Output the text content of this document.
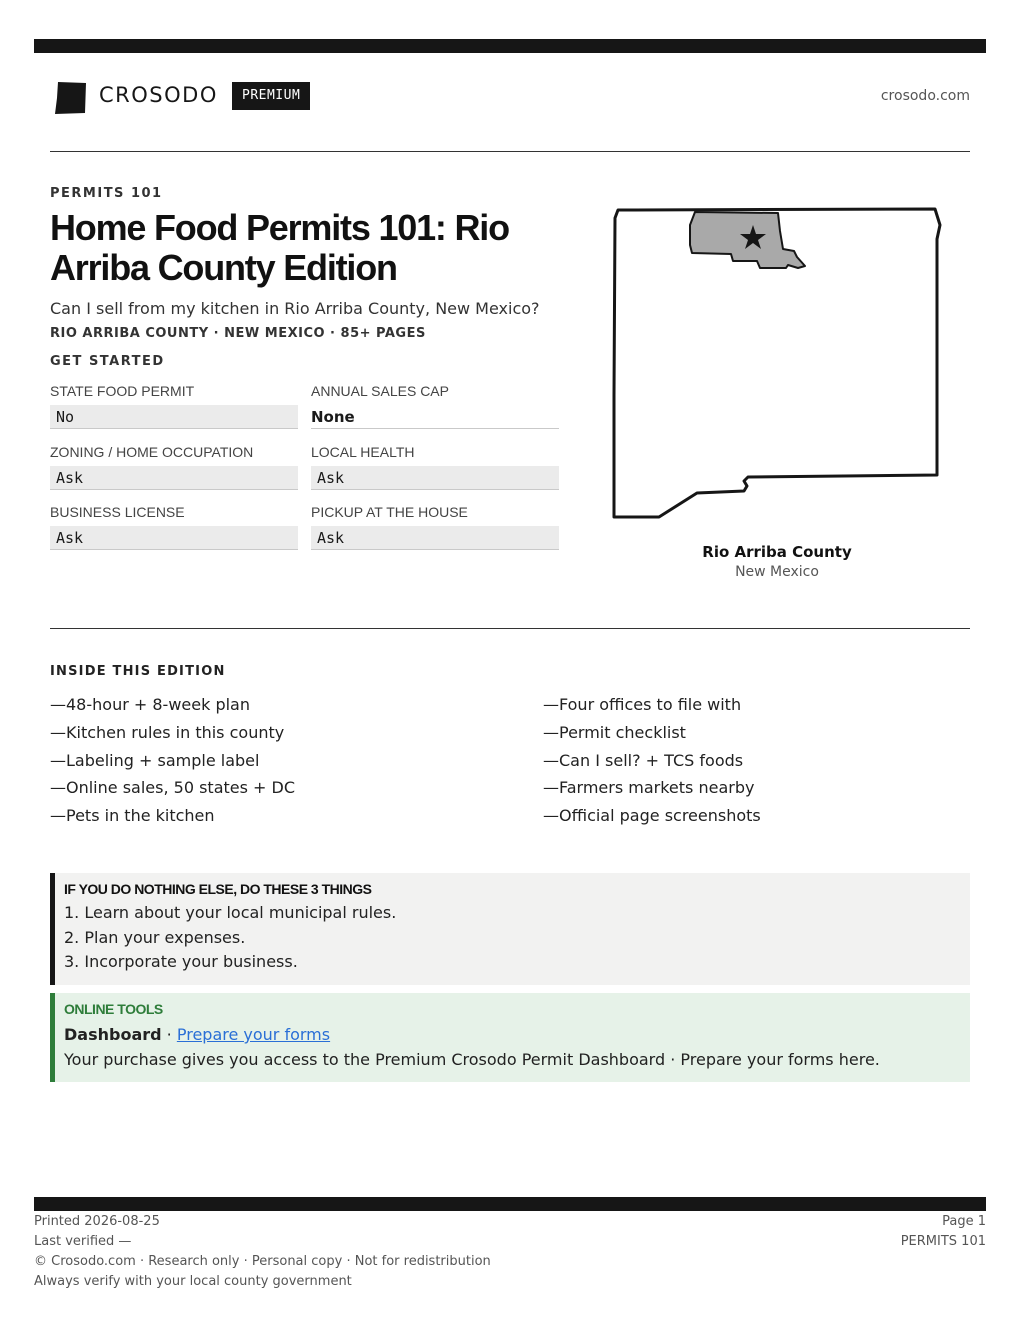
CROSODO	PREMIUM	crosodo.com
PERMITS 101
Home Food Permits 101: Rio Arriba County Edition
Can I sell from my kitchen in Rio Arriba County, New Mexico?
RIO ARRIBA COUNTY · NEW MEXICO · 85+ PAGES
GET STARTED
STATE FOOD PERMIT
No
ANNUAL SALES CAP
None
ZONING / HOME OCCUPATION
Ask
LOCAL HEALTH
Ask
BUSINESS LICENSE
Ask
PICKUP AT THE HOUSE
Ask
Rio Arriba County
New Mexico
INSIDE THIS EDITION
—48-hour + 8-week plan
—Kitchen rules in this county
—Labeling + sample label
—Online sales, 50 states + DC
—Pets in the kitchen
—Four offices to file with
—Permit checklist
—Can I sell? + TCS foods
—Farmers markets nearby
—Official page screenshots
IF YOU DO NOTHING ELSE, DO THESE 3 THINGS
1. Learn about your local municipal rules.
2. Plan your expenses.
3. Incorporate your business.
ONLINE TOOLS
Dashboard · Prepare your forms
Your purchase gives you access to the Premium Crosodo Permit Dashboard · Prepare your forms here.
Printed 2026-08-25
Last verified —
© Crosodo.com · Research only · Personal copy · Not for redistribution
Always verify with your local county government
Page 1
PERMITS 101
